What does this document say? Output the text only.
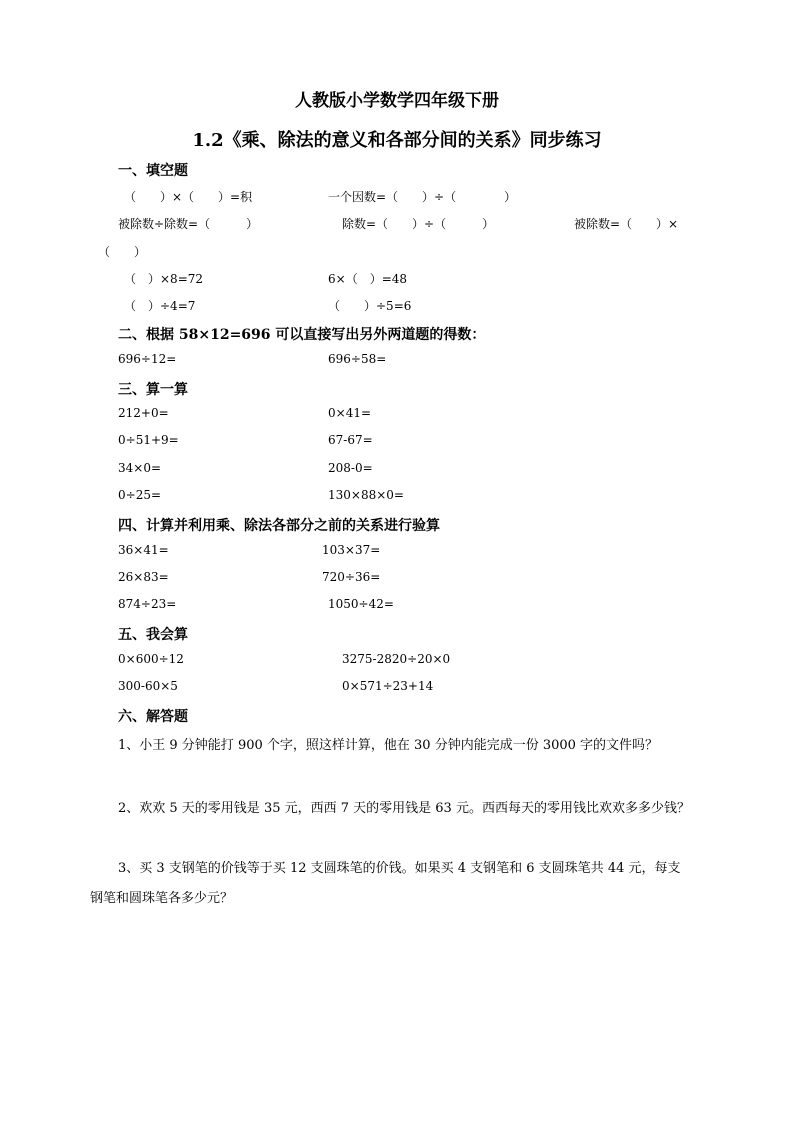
人教版小学数学四年级下册
1.2《乘、除法的意义和各部分间的关系》同步练习
一、填空题
（　　）×（　　）=积	一个因数=（　　）÷（　　　　）
被除数÷除数=（　　　）	除数=（　　）÷（　　　）	被除数=（　　）×
（　　）
（　）×8=72	6×（　）=48
（　）÷4=7	（　　）÷5=6
二、根据 58×12=696 可以直接写出另外两道题的得数：
696÷12=	696÷58=
三、算一算
212+0=	0×41=
0÷51+9=	67-67=
34×0=	208-0=
0÷25=	130×88×0=
四、计算并利用乘、除法各部分之前的关系进行验算
36×41=	103×37=
26×83=	720÷36=
874÷23=	1050÷42=
五、我会算
0×600÷12	3275-2820÷20×0
300-60×5	0×571÷23+14
六、解答题
1、小王 9 分钟能打 900 个字，照这样计算，他在 30 分钟内能完成一份 3000 字的文件吗？
2、欢欢 5 天的零用钱是 35 元，西西 7 天的零用钱是 63 元。西西每天的零用钱比欢欢多多少钱？
3、买 3 支钢笔的价钱等于买 12 支圆珠笔的价钱。如果买 4 支钢笔和 6 支圆珠笔共 44 元，每支
钢笔和圆珠笔各多少元？
